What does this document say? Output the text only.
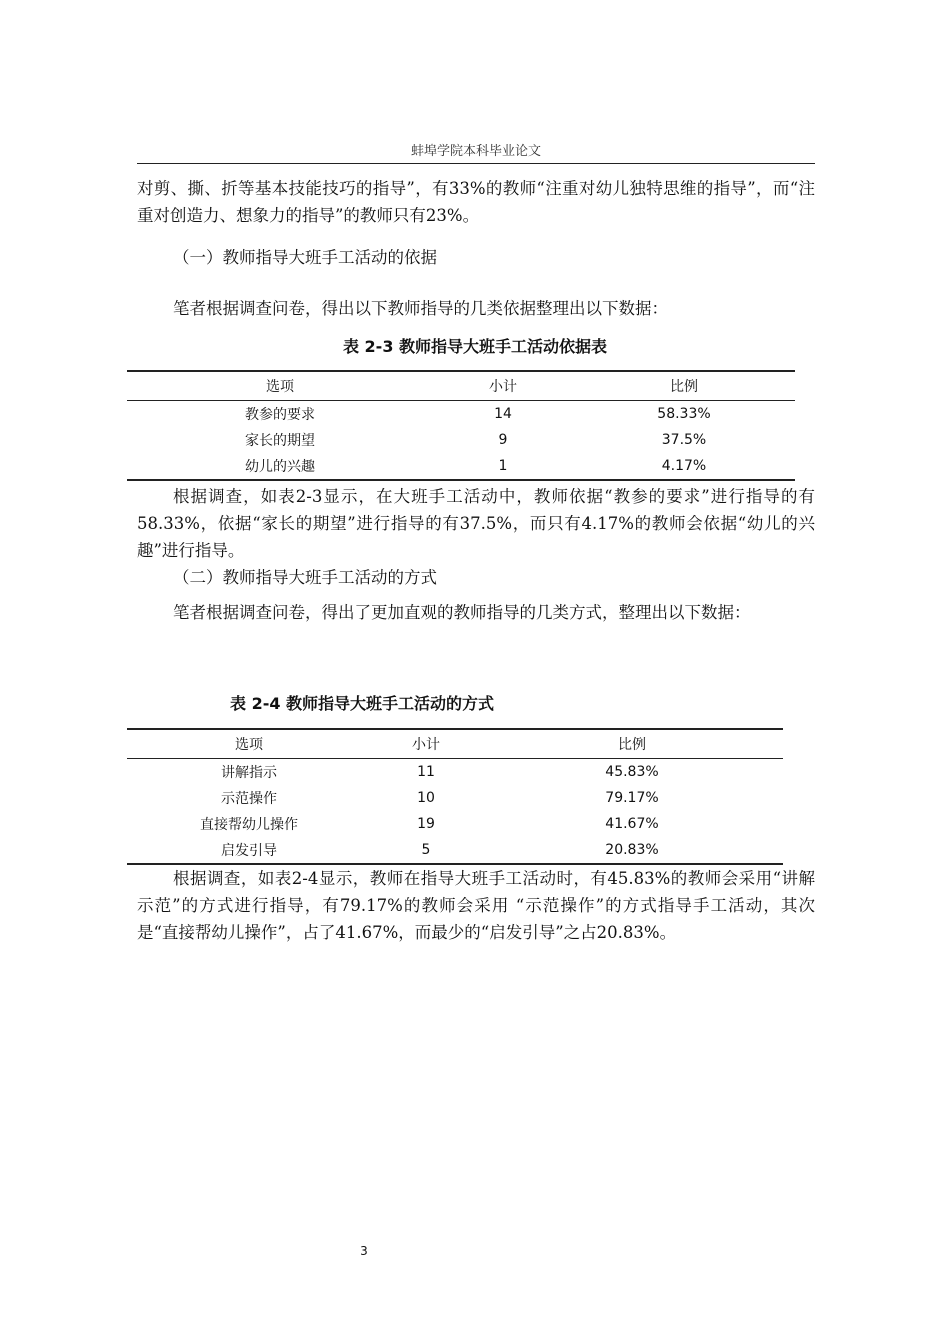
蚌埠学院本科毕业论文
对剪、撕、折等基本技能技巧的指导”，有33%的教师“注重对幼儿独特思维的指导”，而“注重对创造力、想象力的指导”的教师只有23%。
（一）教师指导大班手工活动的依据
笔者根据调查问卷，得出以下教师指导的几类依据整理出以下数据：
表 2-3 教师指导大班手工活动依据表
选项	小计	比例
教参的要求	14	58.33%
家长的期望	9	37.5%
幼儿的兴趣	1	4.17%
根据调查，如表2-3显示，在大班手工活动中，教师依据“教参的要求”进行指导的有58.33%，依据“家长的期望”进行指导的有37.5%，而只有4.17%的教师会依据“幼儿的兴趣”进行指导。
（二）教师指导大班手工活动的方式
笔者根据调查问卷，得出了更加直观的教师指导的几类方式，整理出以下数据：
表 2-4 教师指导大班手工活动的方式
选项	小计	比例
讲解指示	11	45.83%
示范操作	10	79.17%
直接帮幼儿操作	19	41.67%
启发引导	5	20.83%
根据调查，如表2-4显示，教师在指导大班手工活动时，有45.83%的教师会采用“讲解示范”的方式进行指导，有79.17%的教师会采用 “示范操作”的方式指导手工活动，其次是“直接帮幼儿操作”，占了41.67%，而最少的“启发引导”之占20.83%。
3
